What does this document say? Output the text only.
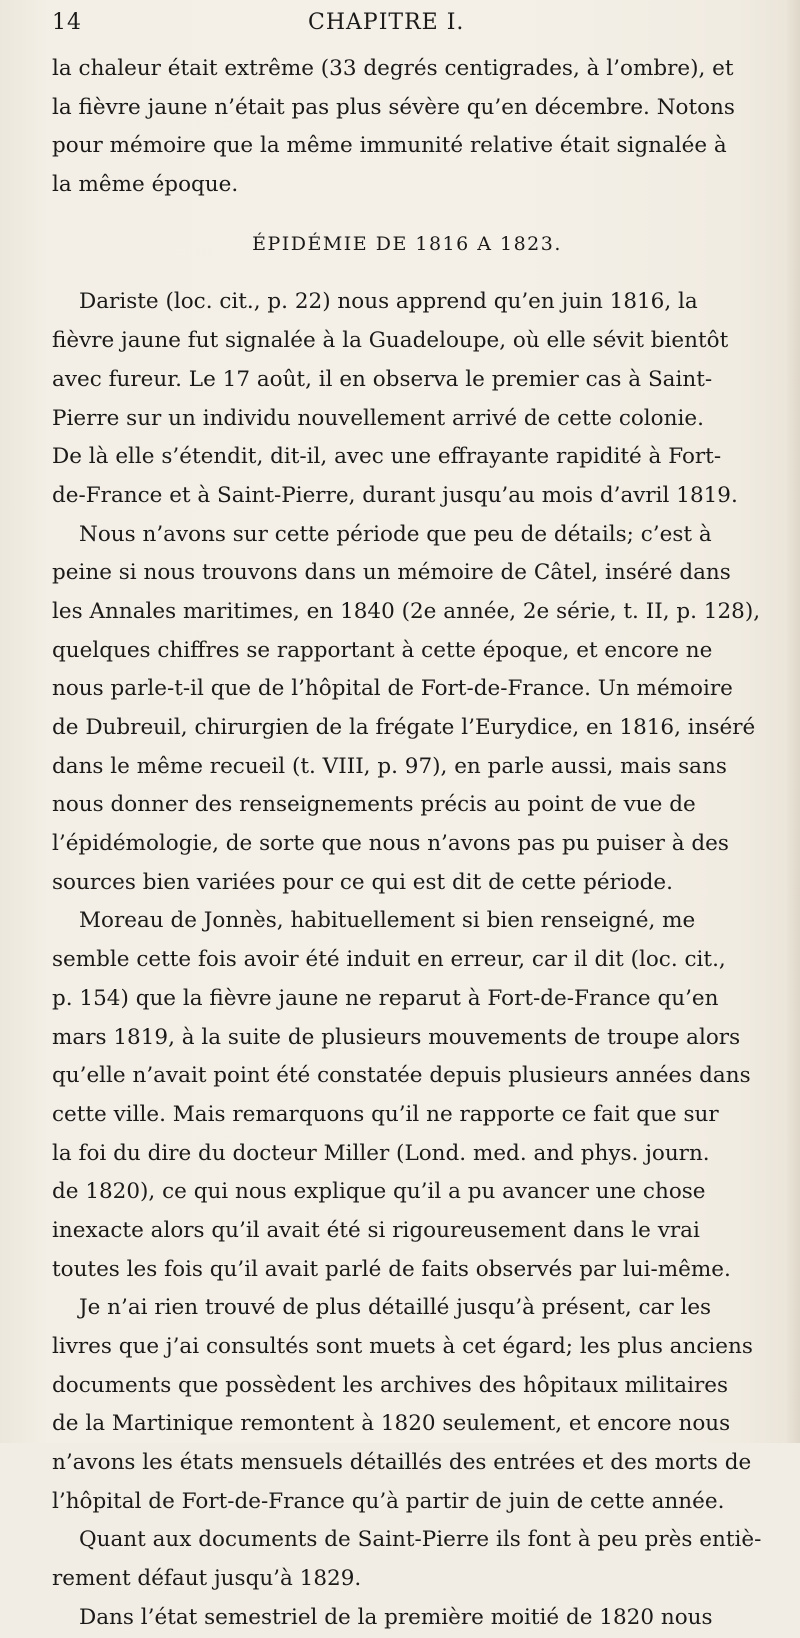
14	CHAPITRE I.
la chaleur était extrême (33 degrés centigrades, à l’ombre), et
la fièvre jaune n’était pas plus sévère qu’en décembre. Notons
pour mémoire que la même immunité relative était signalée à
la même époque.
ÉPIDÉMIE DE 1816 A 1823.
Dariste (loc. cit., p. 22) nous apprend qu’en juin 1816, la
fièvre jaune fut signalée à la Guadeloupe, où elle sévit bientôt
avec fureur. Le 17 août, il en observa le premier cas à Saint-
Pierre sur un individu nouvellement arrivé de cette colonie.
De là elle s’étendit, dit-il, avec une effrayante rapidité à Fort-
de-France et à Saint-Pierre, durant jusqu’au mois d’avril 1819.
Nous n’avons sur cette période que peu de détails; c’est à
peine si nous trouvons dans un mémoire de Câtel, inséré dans
les Annales maritimes, en 1840 (2e année, 2e série, t. II, p. 128),
quelques chiffres se rapportant à cette époque, et encore ne
nous parle-t-il que de l’hôpital de Fort-de-France. Un mémoire
de Dubreuil, chirurgien de la frégate l’Eurydice, en 1816, inséré
dans le même recueil (t. VIII, p. 97), en parle aussi, mais sans
nous donner des renseignements précis au point de vue de
l’épidémologie, de sorte que nous n’avons pas pu puiser à des
sources bien variées pour ce qui est dit de cette période.
Moreau de Jonnès, habituellement si bien renseigné, me
semble cette fois avoir été induit en erreur, car il dit (loc. cit.,
p. 154) que la fièvre jaune ne reparut à Fort-de-France qu’en
mars 1819, à la suite de plusieurs mouvements de troupe alors
qu’elle n’avait point été constatée depuis plusieurs années dans
cette ville. Mais remarquons qu’il ne rapporte ce fait que sur
la foi du dire du docteur Miller (Lond. med. and phys. journ.
de 1820), ce qui nous explique qu’il a pu avancer une chose
inexacte alors qu’il avait été si rigoureusement dans le vrai
toutes les fois qu’il avait parlé de faits observés par lui-même.
Je n’ai rien trouvé de plus détaillé jusqu’à présent, car les
livres que j’ai consultés sont muets à cet égard; les plus anciens
documents que possèdent les archives des hôpitaux militaires
de la Martinique remontent à 1820 seulement, et encore nous
n’avons les états mensuels détaillés des entrées et des morts de
l’hôpital de Fort-de-France qu’à partir de juin de cette année.
Quant aux documents de Saint-Pierre ils font à peu près entiè-
rement défaut jusqu’à 1829.
Dans l’état semestriel de la première moitié de 1820 nous
